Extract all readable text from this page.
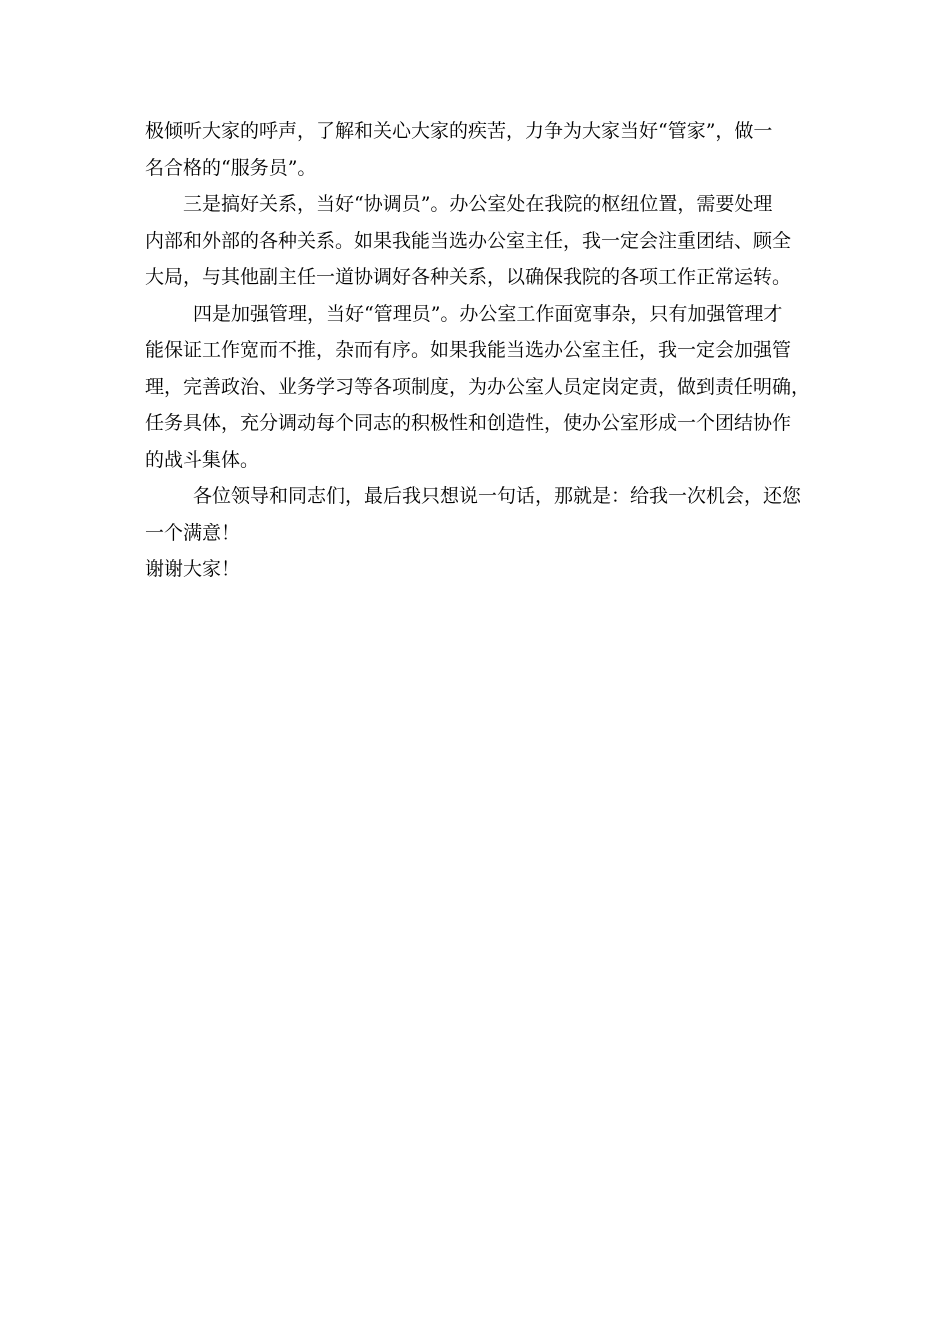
极倾听大家的呼声，了解和关心大家的疾苦，力争为大家当好“管家”，做一
名合格的“服务员”。

三是搞好关系，当好“协调员”。办公室处在我院的枢纽位置，需要处理
内部和外部的各种关系。如果我能当选办公室主任，我一定会注重团结、顾全
大局，与其他副主任一道协调好各种关系，以确保我院的各项工作正常运转。

四是加强管理，当好“管理员”。办公室工作面宽事杂，只有加强管理才
能保证工作宽而不推，杂而有序。如果我能当选办公室主任，我一定会加强管
理，完善政治、业务学习等各项制度，为办公室人员定岗定责，做到责任明确，
任务具体，充分调动每个同志的积极性和创造性，使办公室形成一个团结协作
的战斗集体。

各位领导和同志们，最后我只想说一句话，那就是：给我一次机会，还您
一个满意！

谢谢大家！
